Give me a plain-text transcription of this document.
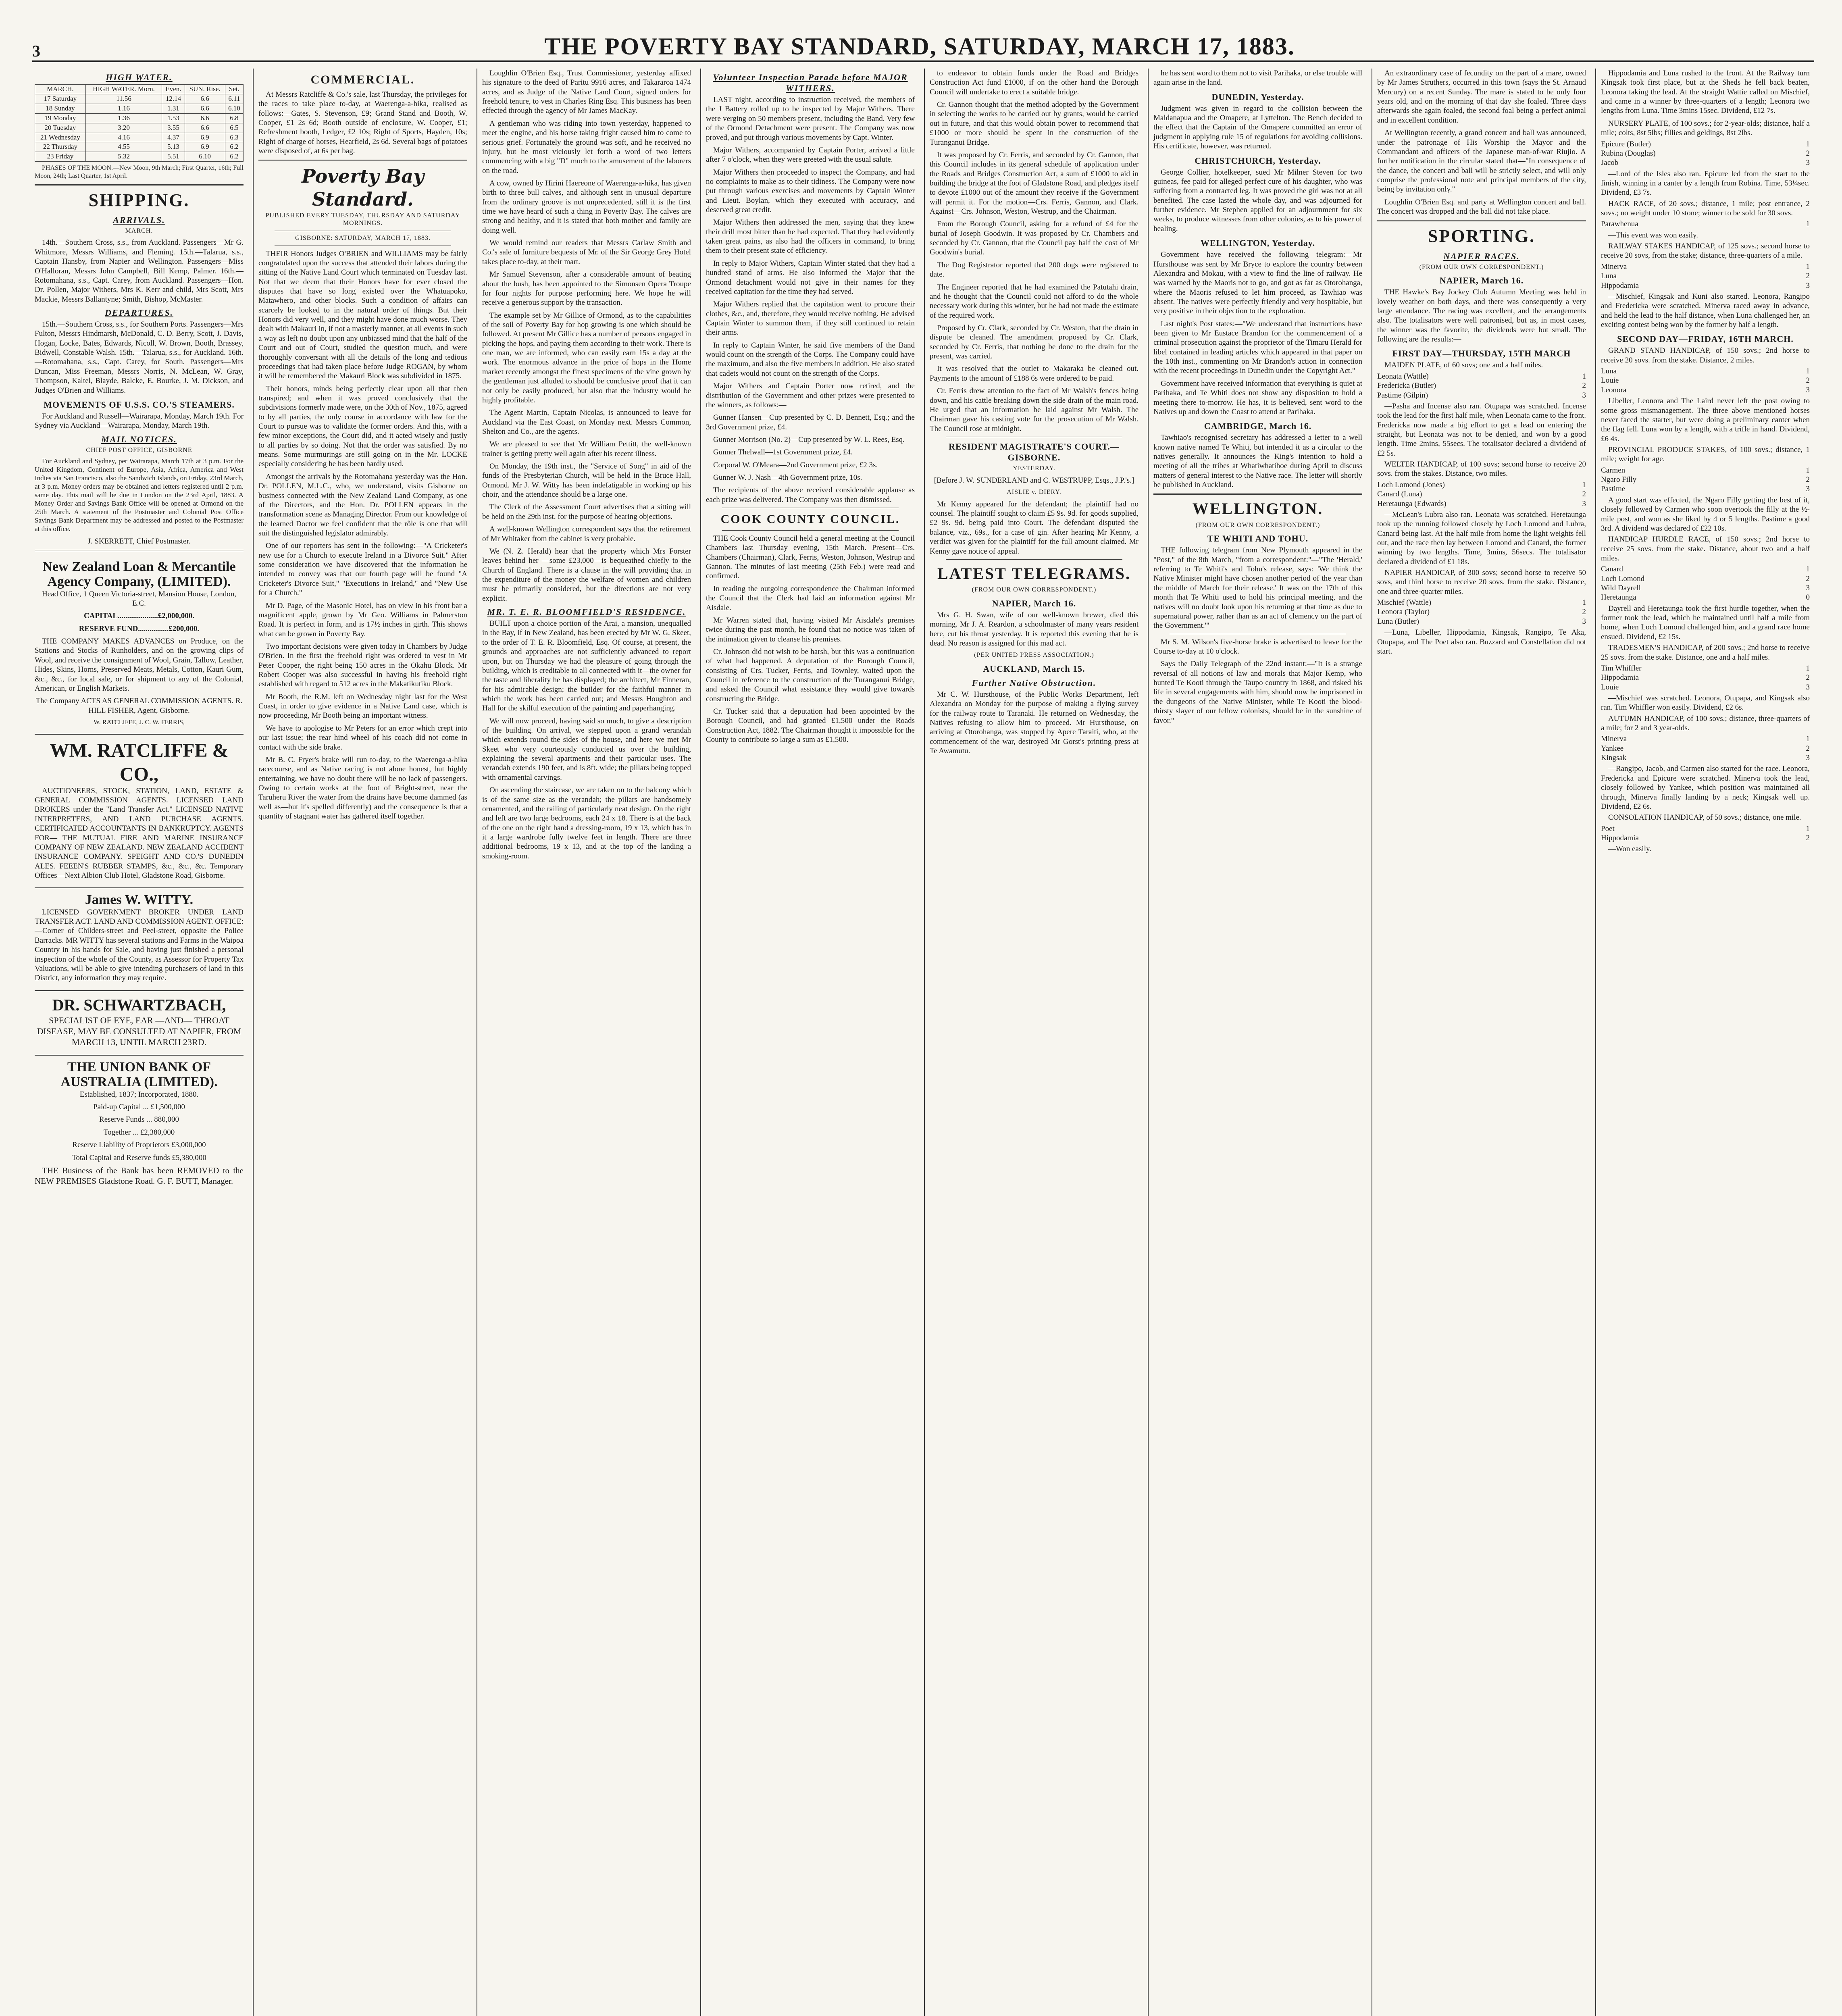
3	THE POVERTY BAY STANDARD, SATURDAY, MARCH 17, 1883.
HIGH WATER.
MARCH.	HIGH WATER. Morn.	Even.	SUN. Rise.	Set.
17 Saturday	11.56	12.14	6.6	6.11
18 Sunday	1.16	1.31	6.6	6.10
19 Monday	1.36	1.53	6.6	6.8
20 Tuesday	3.20	3.55	6.6	6.5
21 Wednesday	4.16	4.37	6.9	6.3
22 Thursday	4.55	5.13	6.9	6.2
23 Friday	5.32	5.51	6.10	6.2

PHASES OF THE MOON.—New Moon, 9th March; First Quarter, 16th; Full Moon, 24th; Last Quarter, 1st April.

SHIPPING.
ARRIVALS.
MARCH.

14th.—Southern Cross, s.s., from Auckland. Passengers—Mr G. Whitmore, Messrs Williams, and Fleming. 15th.—Talarua, s.s., Captain Hansby, from Napier and Wellington. Passengers—Miss O'Halloran, Messrs John Campbell, Bill Kemp, Palmer. 16th.—Rotomahana, s.s., Capt. Carey, from Auckland. Passengers—Hon. Dr. Pollen, Major Withers, Mrs K. Kerr and child, Mrs Scott, Mrs Mackie, Messrs Ballantyne; Smith, Bishop, McMaster.

DEPARTURES.

15th.—Southern Cross, s.s., for Southern Ports. Passengers—Mrs Fulton, Messrs Hindmarsh, McDonald, C. D. Berry, Scott, J. Davis, Hogan, Locke, Bates, Edwards, Nicoll, W. Brown, Booth, Brassey, Bidwell, Constable Walsh. 15th.—Talarua, s.s., for Auckland. 16th.—Rotomahana, s.s., Capt. Carey, for South. Passengers—Mrs Duncan, Miss Freeman, Messrs Norris, N. McLean, W. Gray, Thompson, Kaltel, Blayde, Balcke, E. Bourke, J. M. Dickson, and Judges O'Brien and Williams.

MOVEMENTS OF U.S.S. CO.'S STEAMERS.

For Auckland and Russell—Wairarapa, Monday, March 19th. For Sydney via Auckland—Wairarapa, Monday, March 19th.

MAIL NOTICES.
CHIEF POST OFFICE, GISBORNE

For Auckland and Sydney, per Wairarapa, March 17th at 3 p.m. For the United Kingdom, Continent of Europe, Asia, Africa, America and West Indies via San Francisco, also the Sandwich Islands, on Friday, 23rd March, at 3 p.m. Money orders may be obtained and letters registered until 2 p.m. same day. This mail will be due in London on the 23rd April, 1883. A Money Order and Savings Bank Office will be opened at Ormond on the 25th March. A statement of the Postmaster and Colonial Post Office Savings Bank Department may be addressed and posted to the Postmaster at this office.

J. SKERRETT, Chief Postmaster.

New Zealand Loan & Mercantile Agency Company, (LIMITED).

Head Office, 1 Queen Victoria-street, Mansion House, London, E.C.

CAPITAL.....................£2,000,000.

RESERVE FUND................£200,000.

THE COMPANY MAKES ADVANCES on Produce, on the Stations and Stocks of Runholders, and on the growing clips of Wool, and receive the consignment of Wool, Grain, Tallow, Leather, Hides, Skins, Horns, Preserved Meats, Metals, Cotton, Kauri Gum, &c., &c., for local sale, or for shipment to any of the Colonial, American, or English Markets.

The Company ACTS AS GENERAL COMMISSION AGENTS. R. HILL FISHER, Agent, Gisborne.

W. RATCLIFFE, J. C. W. FERRIS,

WM. RATCLIFFE & CO.,

AUCTIONEERS, STOCK, STATION, LAND, ESTATE & GENERAL COMMISSION AGENTS. LICENSED LAND BROKERS under the "Land Transfer Act." LICENSED NATIVE INTERPRETERS, AND LAND PURCHASE AGENTS. CERTIFICATED ACCOUNTANTS IN BANKRUPTCY. AGENTS FOR— THE MUTUAL FIRE AND MARINE INSURANCE COMPANY OF NEW ZEALAND. NEW ZEALAND ACCIDENT INSURANCE COMPANY. SPEIGHT AND CO.'S DUNEDIN ALES. FEEEN'S RUBBER STAMPS, &c., &c., &c. Temporary Offices—Next Albion Club Hotel, Gladstone Road, Gisborne.

James W. WITTY.

LICENSED GOVERNMENT BROKER UNDER LAND TRANSFER ACT. LAND AND COMMISSION AGENT. OFFICE:—Corner of Childers-street and Peel-street, opposite the Police Barracks. MR WITTY has several stations and Farms in the Waipoa Country in his hands for Sale, and having just finished a personal inspection of the whole of the County, as Assessor for Property Tax Valuations, will be able to give intending purchasers of land in this District, any information they may require.

DR. SCHWARTZBACH,

SPECIALIST OF EYE, EAR —AND— THROAT DISEASE, MAY BE CONSULTED AT NAPIER, FROM MARCH 13, UNTIL MARCH 23RD.

THE UNION BANK OF AUSTRALIA (LIMITED).

Established, 1837; Incorporated, 1880.

Paid-up Capital ... £1,500,000

Reserve Funds ... 880,000

Together ... £2,380,000

Reserve Liability of Proprietors £3,000,000

Total Capital and Reserve funds £5,380,000

THE Business of the Bank has been REMOVED to the NEW PREMISES Gladstone Road. G. F. BUTT, Manager.

COMMERCIAL.

At Messrs Ratcliffe & Co.'s sale, last Thursday, the privileges for the races to take place to-day, at Waerenga-a-hika, realised as follows:—Gates, S. Stevenson, £9; Grand Stand and Booth, W. Cooper, £1 2s 6d; Booth outside of enclosure, W. Cooper, £1; Refreshment booth, Ledger, £2 10s; Right of Sports, Hayden, 10s; Right of charge of horses, Hearfield, 2s 6d. Several bags of potatoes were disposed of, at 6s per bag.

Poverty Bay Standard.
PUBLISHED EVERY TUESDAY, THURSDAY AND SATURDAY MORNINGS.
GISBORNE: SATURDAY, MARCH 17, 1883.

THEIR Honors Judges O'BRIEN and WILLIAMS may be fairly congratulated upon the success that attended their labors during the sitting of the Native Land Court which terminated on Tuesday last. Not that we deem that their Honors have for ever closed the disputes that have so long existed over the Whatuapoko, Matawhero, and other blocks. Such a condition of affairs can scarcely be looked to in the natural order of things. But their Honors did very well, and they might have done much worse. They dealt with Makauri in, if not a masterly manner, at all events in such a way as left no doubt upon any unbiassed mind that the half of the Court and out of Court, studied the question much, and were thoroughly conversant with all the details of the long and tedious proceedings that had taken place before Judge ROGAN, by whom it will be remembered the Makauri Block was subdivided in 1875.

Their honors, minds being perfectly clear upon all that then transpired; and when it was proved conclusively that the subdivisions formerly made were, on the 30th of Nov., 1875, agreed to by all parties, the only course in accordance with law for the Court to pursue was to validate the former orders. And this, with a few minor exceptions, the Court did, and it acted wisely and justly to all parties by so doing. Not that the order was satisfied. By no means. Some murmurings are still going on in the Mr. LOCKE especially considering he has been hardly used.

Amongst the arrivals by the Rotomahana yesterday was the Hon. Dr. POLLEN, M.L.C., who, we understand, visits Gisborne on business connected with the New Zealand Land Company, as one of the Directors, and the Hon. Dr. POLLEN appears in the transformation scene as Managing Director. From our knowledge of the learned Doctor we feel confident that the rôle is one that will suit the distinguished legislator admirably.

One of our reporters has sent in the following:—"A Cricketer's new use for a Church to execute Ireland in a Divorce Suit." After some consideration we have discovered that the information he intended to convey was that our fourth page will be found "A Cricketer's Divorce Suit," "Executions in Ireland," and "New Use for a Church."

Mr D. Page, of the Masonic Hotel, has on view in his front bar a magnificent apple, grown by Mr Geo. Williams in Palmerston Road. It is perfect in form, and is 17½ inches in girth. This shows what can be grown in Poverty Bay.

Two important decisions were given today in Chambers by Judge O'Brien. In the first the freehold right was ordered to vest in Mr Peter Cooper, the right being 150 acres in the Okahu Block. Mr Robert Cooper was also successful in having his freehold right established with regard to 512 acres in the Makatikutiku Block.

Mr Booth, the R.M. left on Wednesday night last for the West Coast, in order to give evidence in a Native Land case, which is now proceeding, Mr Booth being an important witness.

We have to apologise to Mr Peters for an error which crept into our last issue; the rear hind wheel of his coach did not come in contact with the side brake.

Mr B. C. Fryer's brake will run to-day, to the Waerenga-a-hika racecourse, and as Native racing is not alone honest, but highly entertaining, we have no doubt there will be no lack of passengers. Owing to certain works at the foot of Bright-street, near the Taruheru River the water from the drains have become dammed (as well as—but it's spelled differently) and the consequence is that a quantity of stagnant water has gathered itself together.

Loughlin O'Brien Esq., Trust Commissioner, yesterday affixed his signature to the deed of Paritu 9916 acres, and Takararoa 1474 acres, and as Judge of the Native Land Court, signed orders for freehold tenure, to vest in Charles Ring Esq. This business has been effected through the agency of Mr James MacKay.

A gentleman who was riding into town yesterday, happened to meet the engine, and his horse taking fright caused him to come to serious grief. Fortunately the ground was soft, and he received no injury, but he most viciously let forth a word of two letters commencing with a big "D" much to the amusement of the laborers on the road.

A cow, owned by Hirini Haereone of Waerenga-a-hika, has given birth to three bull calves, and although sent in unusual departure from the ordinary groove is not unprecedented, still it is the first time we have heard of such a thing in Poverty Bay. The calves are strong and healthy, and it is stated that both mother and family are doing well.

We would remind our readers that Messrs Carlaw Smith and Co.'s sale of furniture bequests of Mr. of the Sir George Grey Hotel takes place to-day, at their mart.

Mr Samuel Stevenson, after a considerable amount of beating about the bush, has been appointed to the Simonsen Opera Troupe for four nights for purpose performing here. We hope he will receive a generous support by the transaction.

The example set by Mr Gillice of Ormond, as to the capabilities of the soil of Poverty Bay for hop growing is one which should be followed. At present Mr Gillice has a number of persons engaged in picking the hops, and paying them according to their work. There is one man, we are informed, who can easily earn 15s a day at the work. The enormous advance in the price of hops in the Home market recently amongst the finest specimens of the vine grown by the gentleman just alluded to should be conclusive proof that it can not only be easily produced, but also that the industry would be highly profitable.

The Agent Martin, Captain Nicolas, is announced to leave for Auckland via the East Coast, on Monday next. Messrs Common, Shelton and Co., are the agents.

We are pleased to see that Mr William Pettitt, the well-known trainer is getting pretty well again after his recent illness.

On Monday, the 19th inst., the "Service of Song" in aid of the funds of the Presbyterian Church, will be held in the Bruce Hall, Ormond. Mr J. W. Witty has been indefatigable in working up his choir, and the attendance should be a large one.

The Clerk of the Assessment Court advertises that a sitting will be held on the 29th inst. for the purpose of hearing objections.

A well-known Wellington correspondent says that the retirement of Mr Whitaker from the cabinet is very probable.

We (N. Z. Herald) hear that the property which Mrs Forster leaves behind her —some £23,000—is bequeathed chiefly to the Church of England. There is a clause in the will providing that in the expenditure of the money the welfare of women and children must be primarily considered, but the directions are not very explicit.

MR. T. E. R. BLOOMFIELD'S RESIDENCE.

BUILT upon a choice portion of the Arai, a mansion, unequalled in the Bay, if in New Zealand, has been erected by Mr W. G. Skeet, to the order of T. E. R. Bloomfield, Esq. Of course, at present, the grounds and approaches are not sufficiently advanced to report upon, but on Thursday we had the pleasure of going through the building, which is creditable to all connected with it—the owner for the taste and liberality he has displayed; the architect, Mr Finneran, for his admirable design; the builder for the faithful manner in which the work has been carried out; and Messrs Houghton and Hall for the skilful execution of the painting and paperhanging.

We will now proceed, having said so much, to give a description of the building. On arrival, we stepped upon a grand verandah which extends round the sides of the house, and here we met Mr Skeet who very courteously conducted us over the building, explaining the several apartments and their particular uses. The verandah extends 190 feet, and is 8ft. wide; the pillars being topped with ornamental carvings.

On ascending the staircase, we are taken on to the balcony which is of the same size as the verandah; the pillars are handsomely ornamented, and the railing of particularly neat design. On the right and left are two large bedrooms, each 24 x 18. There is at the back of the one on the right hand a dressing-room, 19 x 13, which has in it a large wardrobe fully twelve feet in length. There are three additional bedrooms, 19 x 13, and at the top of the landing a smoking-room.

Volunteer Inspection Parade before MAJOR WITHERS.

LAST night, according to instruction received, the members of the J Battery rolled up to be inspected by Major Withers. There were verging on 50 members present, including the Band. Very few of the Ormond Detachment were present. The Company was now proved, and put through various movements by Capt. Winter.

Major Withers, accompanied by Captain Porter, arrived a little after 7 o'clock, when they were greeted with the usual salute.

Major Withers then proceeded to inspect the Company, and had no complaints to make as to their tidiness. The Company were now put through various exercises and movements by Captain Winter and Lieut. Boylan, which they executed with accuracy, and deserved great credit.

Major Withers then addressed the men, saying that they knew their drill most bitter than he had expected. That they had evidently taken great pains, as also had the officers in command, to bring them to their present state of efficiency.

In reply to Major Withers, Captain Winter stated that they had a hundred stand of arms. He also informed the Major that the Ormond detachment would not give in their names for they received capitation for the time they had served.

Major Withers replied that the capitation went to procure their clothes, &c., and, therefore, they would receive nothing. He advised Captain Winter to summon them, if they still continued to retain their arms.

In reply to Captain Winter, he said five members of the Band would count on the strength of the Corps. The Company could have the maximum, and also the five members in addition. He also stated that cadets would not count on the strength of the Corps.

Major Withers and Captain Porter now retired, and the distribution of the Government and other prizes were presented to the winners, as follows:—

Gunner Hansen—Cup presented by C. D. Bennett, Esq.; and the 3rd Government prize, £4.

Gunner Morrison (No. 2)—Cup presented by W. L. Rees, Esq.

Gunner Thelwall—1st Government prize, £4.

Corporal W. O'Meara—2nd Government prize, £2 3s.

Gunner W. J. Nash—4th Government prize, 10s.

The recipients of the above received considerable applause as each prize was delivered. The Company was then dismissed.

COOK COUNTY COUNCIL.

THE Cook County Council held a general meeting at the Council Chambers last Thursday evening, 15th March. Present—Crs. Chambers (Chairman), Clark, Ferris, Weston, Johnson, Westrup and Gannon. The minutes of last meeting (25th Feb.) were read and confirmed.

In reading the outgoing correspondence the Chairman informed the Council that the Clerk had laid an information against Mr Aisdale.

Mr Warren stated that, having visited Mr Aisdale's premises twice during the past month, he found that no notice was taken of the intimation given to cleanse his premises.

Cr. Johnson did not wish to be harsh, but this was a continuation of what had happened. A deputation of the Borough Council, consisting of Crs. Tucker, Ferris, and Townley, waited upon the Council in reference to the construction of the Turanganui Bridge, and asked the Council what assistance they would give towards constructing the Bridge.

Cr. Tucker said that a deputation had been appointed by the Borough Council, and had granted £1,500 under the Roads Construction Act, 1882. The Chairman thought it impossible for the County to contribute so large a sum as £1,500.

to endeavor to obtain funds under the Road and Bridges Construction Act fund £1000, if on the other hand the Borough Council will undertake to erect a suitable bridge.

Cr. Gannon thought that the method adopted by the Government in selecting the works to be carried out by grants, would be carried out in future, and that this would obtain power to recommend that £1000 or more should be spent in the construction of the Turanganui Bridge.

It was proposed by Cr. Ferris, and seconded by Cr. Gannon, that this Council includes in its general schedule of application under the Roads and Bridges Construction Act, a sum of £1000 to aid in building the bridge at the foot of Gladstone Road, and pledges itself to devote £1000 out of the amount they receive if the Government will permit it. For the motion—Crs. Ferris, Gannon, and Clark. Against—Crs. Johnson, Weston, Westrup, and the Chairman.

From the Borough Council, asking for a refund of £4 for the burial of Joseph Goodwin. It was proposed by Cr. Chambers and seconded by Cr. Gannon, that the Council pay half the cost of Mr Goodwin's burial.

The Dog Registrator reported that 200 dogs were registered to date.

The Engineer reported that he had examined the Patutahi drain, and he thought that the Council could not afford to do the whole necessary work during this winter, but he had not made the estimate of the required work.

Proposed by Cr. Clark, seconded by Cr. Weston, that the drain in dispute be cleaned. The amendment proposed by Cr. Clark, seconded by Cr. Ferris, that nothing be done to the drain for the present, was carried.

It was resolved that the outlet to Makaraka be cleaned out. Payments to the amount of £188 6s were ordered to be paid.

Cr. Ferris drew attention to the fact of Mr Walsh's fences being down, and his cattle breaking down the side drain of the main road. He urged that an information be laid against Mr Walsh. The Chairman gave his casting vote for the prosecution of Mr Walsh. The Council rose at midnight.

RESIDENT MAGISTRATE'S COURT.—GISBORNE.
YESTERDAY.

[Before J. W. SUNDERLAND and C. WESTRUPP, Esqs., J.P.'s.]

AISLIE v. DIERY.

Mr Kenny appeared for the defendant; the plaintiff had no counsel. The plaintiff sought to claim £5 9s. 9d. for goods supplied, £2 9s. 9d. being paid into Court. The defendant disputed the balance, viz., 69s., for a case of gin. After hearing Mr Kenny, a verdict was given for the plaintiff for the full amount claimed. Mr Kenny gave notice of appeal.

LATEST TELEGRAMS.
(FROM OUR OWN CORRESPONDENT.)
NAPIER, March 16.

Mrs G. H. Swan, wife of our well-known brewer, died this morning. Mr J. A. Reardon, a schoolmaster of many years resident here, cut his throat yesterday. It is reported this evening that he is dead. No reason is assigned for this mad act.

(PER UNITED PRESS ASSOCIATION.)
AUCKLAND, March 15.
Further Native Obstruction.

Mr C. W. Hursthouse, of the Public Works Department, left Alexandra on Monday for the purpose of making a flying survey for the railway route to Taranaki. He returned on Wednesday, the Natives refusing to allow him to proceed. Mr Hursthouse, on arriving at Otorohanga, was stopped by Apere Taraiti, who, at the commencement of the war, destroyed Mr Gorst's printing press at Te Awamutu.

he has sent word to them not to visit Parihaka, or else trouble will again arise in the land.

DUNEDIN, Yesterday.

Judgment was given in regard to the collision between the Maldanapua and the Omapere, at Lyttelton. The Bench decided to the effect that the Captain of the Omapere committed an error of judgment in applying rule 15 of regulations for avoiding collisions. His certificate, however, was returned.

CHRISTCHURCH, Yesterday.

George Collier, hotelkeeper, sued Mr Milner Steven for two guineas, fee paid for alleged perfect cure of his daughter, who was suffering from a contracted leg. It was proved the girl was not at all benefited. The case lasted the whole day, and was adjourned for further evidence. Mr Stephen applied for an adjournment for six weeks, to produce witnesses from other colonies, as to his power of healing.

WELLINGTON, Yesterday.

Government have received the following telegram:—Mr Hursthouse was sent by Mr Bryce to explore the country between Alexandra and Mokau, with a view to find the line of railway. He was warned by the Maoris not to go, and got as far as Otorohanga, where the Maoris refused to let him proceed, as Tawhiao was absent. The natives were perfectly friendly and very hospitable, but very positive in their objection to the exploration.

Last night's Post states:—"We understand that instructions have been given to Mr Eustace Brandon for the commencement of a criminal prosecution against the proprietor of the Timaru Herald for libel contained in leading articles which appeared in that paper on the 10th inst., commenting on Mr Brandon's action in connection with the recent proceedings in Dunedin under the Copyright Act."

Government have received information that everything is quiet at Parihaka, and Te Whiti does not show any disposition to hold a meeting there to-morrow. He has, it is believed, sent word to the Natives up and down the Coast to attend at Parihaka.

CAMBRIDGE, March 16.

Tawhiao's recognised secretary has addressed a letter to a well known native named Te Whiti, but intended it as a circular to the natives generally. It announces the King's intention to hold a meeting of all the tribes at Whatiwhatihoe during April to discuss matters of general interest to the Native race. The letter will shortly be published in Auckland.

WELLINGTON.
(FROM OUR OWN CORRESPONDENT.)
TE WHITI AND TOHU.

THE following telegram from New Plymouth appeared in the "Post," of the 8th March, "from a correspondent:"—"The 'Herald,' referring to Te Whiti's and Tohu's release, says: 'We think the Native Minister might have chosen another period of the year than the middle of March for their release.' It was on the 17th of this month that Te Whiti used to hold his principal meeting, and the natives will no doubt look upon his returning at that time as due to supernatural power, rather than as an act of clemency on the part of the Government.'"

Mr S. M. Wilson's five-horse brake is advertised to leave for the Course to-day at 10 o'clock.

Says the Daily Telegraph of the 22nd instant:—"It is a strange reversal of all notions of law and morals that Major Kemp, who hunted Te Kooti through the Taupo country in 1868, and risked his life in several engagements with him, should now be imprisoned in the dungeons of the Native Minister, while Te Kooti the blood-thirsty slayer of our fellow colonists, should be in the sunshine of favor."

An extraordinary case of fecundity on the part of a mare, owned by Mr James Struthers, occurred in this town (says the St. Arnaud Mercury) on a recent Sunday. The mare is stated to be only four years old, and on the morning of that day she foaled. Three days afterwards she again foaled, the second foal being a perfect animal and in excellent condition.

At Wellington recently, a grand concert and ball was announced, under the patronage of His Worship the Mayor and the Commandant and officers of the Japanese man-of-war Riujio. A further notification in the circular stated that—"In consequence of the dance, the concert and ball will be strictly select, and will only comprise the professional note and principal members of the city, being by invitation only."

Loughlin O'Brien Esq. and party at Wellington concert and ball. The concert was dropped and the ball did not take place.

SPORTING.
NAPIER RACES.
(FROM OUR OWN CORRESPONDENT.)
NAPIER, March 16.

THE Hawke's Bay Jockey Club Autumn Meeting was held in lovely weather on both days, and there was consequently a very large attendance. The racing was excellent, and the arrangements also. The totalisators were well patronised, but as, in most cases, the winner was the favorite, the dividends were but small. The following are the results:—

FIRST DAY—THURSDAY, 15TH MARCH

MAIDEN PLATE, of 60 sovs; one and a half miles.

Leonata (Wattle)	1
Fredericka (Butler)	2
Pastime (Gilpin)	3

—Pasha and Incense also ran. Otupapa was scratched. Incense took the lead for the first half mile, when Leonata came to the front. Fredericka now made a big effort to get a lead on entering the straight, but Leonata was not to be denied, and won by a good length. Time 2mins, 55secs. The totalisator declared a dividend of £2 5s.

WELTER HANDICAP, of 100 sovs; second horse to receive 20 sovs. from the stakes. Distance, two miles.

Loch Lomond (Jones)	1
Canard (Luna)	2
Heretaunga (Edwards)	3

—McLean's Lubra also ran. Leonata was scratched. Heretaunga took up the running followed closely by Loch Lomond and Lubra, Canard being last. At the half mile from home the light weights fell out, and the race then lay between Lomond and Canard, the former winning by two lengths. Time, 3mins, 56secs. The totalisator declared a dividend of £1 18s.

NAPIER HANDICAP, of 300 sovs; second horse to receive 50 sovs, and third horse to receive 20 sovs. from the stake. Distance, one and three-quarter miles.

Mischief (Wattle)	1
Leonora (Taylor)	2
Luna (Butler)	3

—Luna, Libeller, Hippodamia, Kingsak, Rangipo, Te Aka, Otupapa, and The Poet also ran. Buzzard and Constellation did not start.

Hippodamia and Luna rushed to the front. At the Railway turn Kingsak took first place, but at the Sheds he fell back beaten, Leonora taking the lead. At the straight Wattie called on Mischief, and came in a winner by three-quarters of a length; Leonora two lengths from Luna. Time 3mins 15sec. Dividend, £12 7s.

NURSERY PLATE, of 100 sovs.; for 2-year-olds; distance, half a mile; colts, 8st 5lbs; fillies and geldings, 8st 2lbs.

Epicure (Butler)	1
Rubina (Douglas)	2
Jacob	3

—Lord of the Isles also ran. Epicure led from the start to the finish, winning in a canter by a length from Robina. Time, 53¼sec. Dividend, £3 7s.

HACK RACE, of 20 sovs.; distance, 1 mile; post entrance, 2 sovs.; no weight under 10 stone; winner to be sold for 30 sovs.

Parawhenua	1

—This event was won easily.

RAILWAY STAKES HANDICAP, of 125 sovs.; second horse to receive 20 sovs, from the stake; distance, three-quarters of a mile.

Minerva	1
Luna	2
Hippodamia	3

—Mischief, Kingsak and Kuni also started. Leonora, Rangipo and Fredericka were scratched. Minerva raced away in advance, and held the lead to the half distance, when Luna challenged her, an exciting contest being won by the former by half a length.

SECOND DAY—FRIDAY, 16TH MARCH.

GRAND STAND HANDICAP, of 150 sovs.; 2nd horse to receive 20 sovs. from the stake. Distance, 2 miles.

Luna	1
Louie	2
Leonora	3

Libeller, Leonora and The Laird never left the post owing to some gross mismanagement. The three above mentioned horses never faced the starter, but were doing a preliminary canter when the flag fell. Luna won by a length, with a trifle in hand. Dividend, £6 4s.

PROVINCIAL PRODUCE STAKES, of 100 sovs.; distance, 1 mile; weight for age.

Carmen	1
Ngaro Filly	2
Pastime	3

A good start was effected, the Ngaro Filly getting the best of it, closely followed by Carmen who soon overtook the filly at the ½-mile post, and won as she liked by 4 or 5 lengths. Pastime a good 3rd. A dividend was declared of £22 10s.

HANDICAP HURDLE RACE, of 150 sovs.; 2nd horse to receive 25 sovs. from the stake. Distance, about two and a half miles.

Canard	1
Loch Lomond	2
Wild Dayrell	3
Heretaunga	0

Dayrell and Heretaunga took the first hurdle together, when the former took the lead, which he maintained until half a mile from home, when Loch Lomond challenged him, and a grand race home ensued. Dividend, £2 15s.

TRADESMEN'S HANDICAP, of 200 sovs.; 2nd horse to receive 25 sovs. from the stake. Distance, one and a half miles.

Tim Whiffler	1
Hippodamia	2
Louie	3

—Mischief was scratched. Leonora, Otupapa, and Kingsak also ran. Tim Whiffler won easily. Dividend, £2 6s.

AUTUMN HANDICAP, of 100 sovs.; distance, three-quarters of a mile; for 2 and 3 year-olds.

Minerva	1
Yankee	2
Kingsak	3

—Rangipo, Jacob, and Carmen also started for the race. Leonora, Fredericka and Epicure were scratched. Minerva took the lead, closely followed by Yankee, which position was maintained all through, Minerva finally landing by a neck; Kingsak well up. Dividend, £2 6s.

CONSOLATION HANDICAP, of 50 sovs.; distance, one mile.

Poet	1
Hippodamia	2

—Won easily.
